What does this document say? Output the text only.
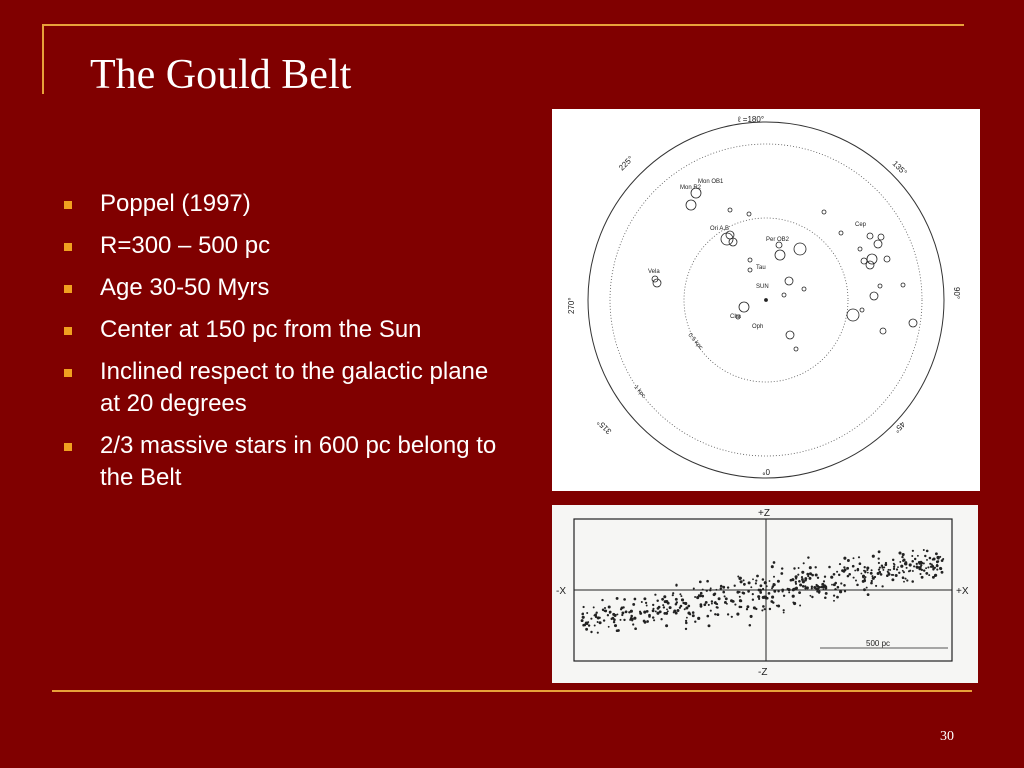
The Gould Belt
Poppel (1997)
R=300 – 500 pc
Age 30-50 Myrs
Center at 150 pc from the Sun
Inclined respect to the galactic plane at 20 degrees
2/3 massive stars in 600 pc belong to the Belt
ℓ =180°
225°	135°
270°
90°
315°	45°
0°
0.5 kpc
1 kpc
Mon OB1
Mon R2
Ori A,B
Per OB2
Cep
Vela
Tau
SUN
Cha
Oph
+Z
-Z
-X	+X
500 pc
30
